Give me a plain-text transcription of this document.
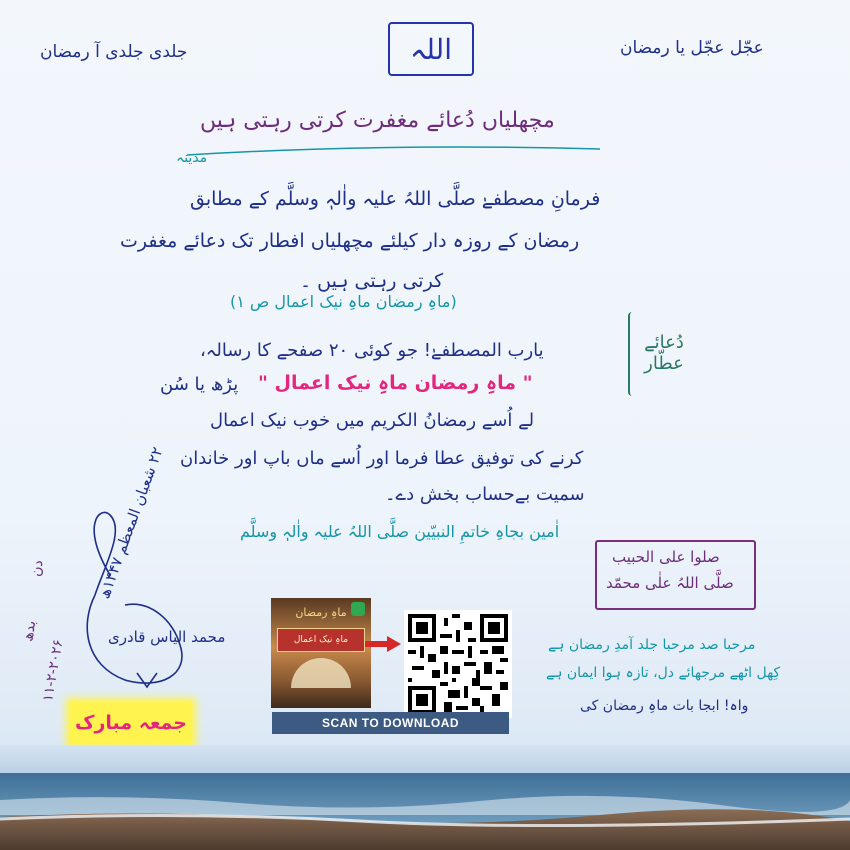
جلدی جلدی آ رمضان	اللہ	عجّل عجّل یا رمضان
مچھلیاں دُعائے مغفرت کرتی رہتی ہیں
مدینہ
فرمانِ مصطفےٰ صلَّی اللہُ علیہ واٰلہٖ وسلَّم کے مطابق
رمضان کے روزہ دار کیلئے مچھلیاں افطار تک دعائے مغفرت
کرتی رہتی ہیں ۔
(ماہِ رمضان ماہِ نیک اعمال ص ۱)
دُعائے عطّار
یارب المصطفےٰ! جو کوئی ۲۰ صفحے کا رسالہ،
" ماہِ رمضان ماہِ نیک اعمال "
پڑھ یا سُن
لے اُسے رمضانُ الکریم میں خوب نیک اعمال
کرنے کی توفیق عطا فرما اور اُسے ماں باپ اور خاندان
سمیت بےحساب بخش دے۔
اٰمین بجاہِ خاتمِ النبیّین صلَّی اللہُ علیہ واٰلہٖ وسلَّم
صلوا علی الحبیب
صلَّی اللہُ علٰی محمّد
۲۲ شعبان المعظم ۱۴۴۷ھ
محمد الیاس قادری
۱۱-۲-۲۰۲۶
بدھ
دن
جمعہ مبارک
ماہِ رمضان
ماہِ نیک اعمال
SCAN TO DOWNLOAD
مرحبا صد مرحبا جلد آمدِ رمضان ہے
کِھل اٹھے مرجھائے دل، تازہ ہوا ایمان ہے
واہ! ابجا بات ماہِ رمضان کی
